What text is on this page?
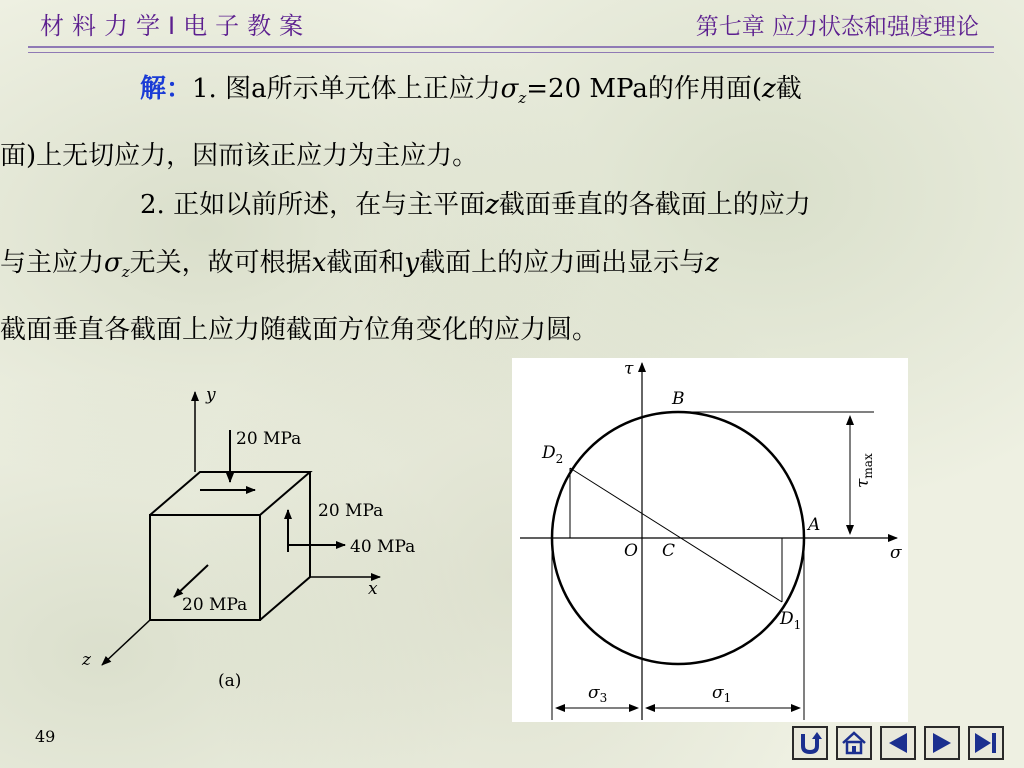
材 料 力 学 Ⅰ 电 子 教 案	第七章 应力状态和强度理论
解：1. 图a所示单元体上正应力$\sigma_z=20$ MPa的作用面(z截
面)上无切应力，因而该正应力为主应力。
2. 正如以前所述，在与主平面z截面垂直的各截面上的应力
与主应力$\sigma_z$无关，故可根据x截面和y截面上的应力画出显示与z
截面垂直各截面上应力随截面方位角变化的应力圆。
y
x
z
20 MPa
20 MPa
40 MPa
20 MPa
(a)
τ
σ
B
A
O C
$D_2$
$D_1$
$\tau_{max}$
$\sigma_3$	$\sigma_1$
49
